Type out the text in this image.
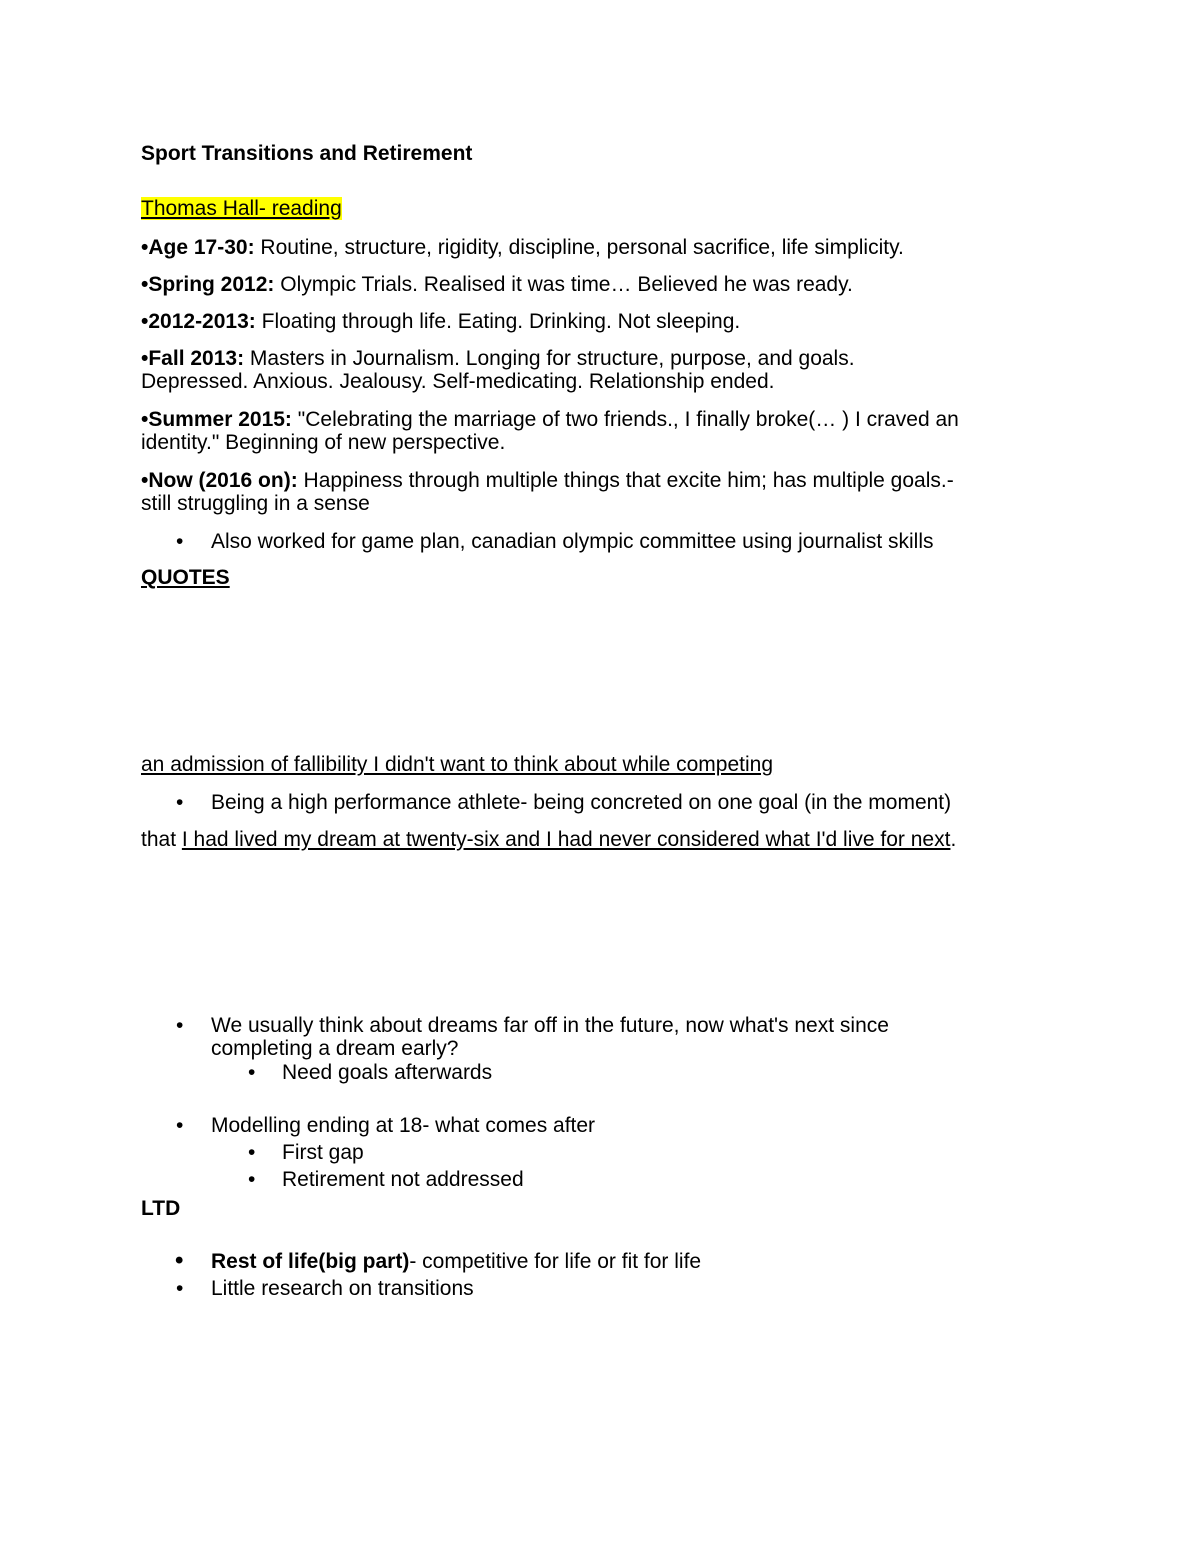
Sport Transitions and Retirement
Thomas Hall- reading
•Age 17-30: Routine, structure, rigidity, discipline, personal sacrifice, life simplicity.
•Spring 2012: Olympic Trials. Realised it was time… Believed he was ready.
•2012-2013: Floating through life. Eating. Drinking. Not sleeping.
•Fall 2013: Masters in Journalism. Longing for structure, purpose, and goals.
Depressed. Anxious. Jealousy. Self-medicating. Relationship ended.
•Summer 2015: "Celebrating the marriage of two friends., I finally broke(… ) I craved an
identity." Beginning of new perspective.
•Now (2016 on): Happiness through multiple things that excite him; has multiple goals.-
still struggling in a sense
• Also worked for game plan, canadian olympic committee using journalist skills
QUOTES
an admission of fallibility I didn't want to think about while competing
• Being a high performance athlete- being concreted on one goal (in the moment)
that I had lived my dream at twenty-six and I had never considered what I'd live for next.
• We usually think about dreams far off in the future, now what's next since
completing a dream early?
• Need goals afterwards
• Modelling ending at 18- what comes after
• First gap
• Retirement not addressed
LTD
• Rest of life(big part)- competitive for life or fit for life
• Little research on transitions
